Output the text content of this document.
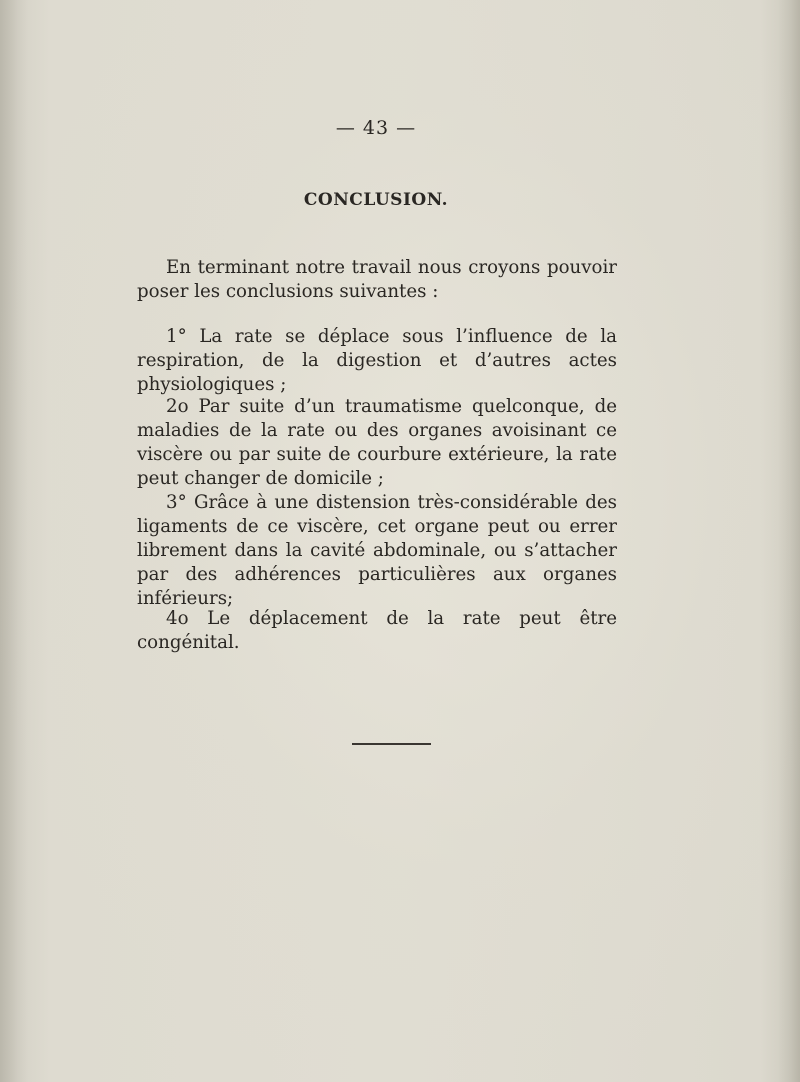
— 43 —
CONCLUSION.

En terminant notre travail nous croyons pouvoir poser les conclusions suivantes :

1° La rate se déplace sous l’influence de la respiration, de la digestion et d’autres actes physiologiques ;

2o Par suite d’un traumatisme quelconque, de maladies de la rate ou des organes avoisinant ce viscère ou par suite de courbure extérieure, la rate peut changer de domicile ;

3° Grâce à une distension très-considérable des ligaments de ce viscère, cet organe peut ou errer librement dans la cavité abdominale, ou s’attacher par des adhérences particulières aux organes inférieurs;

4o Le déplacement de la rate peut être congénital.
